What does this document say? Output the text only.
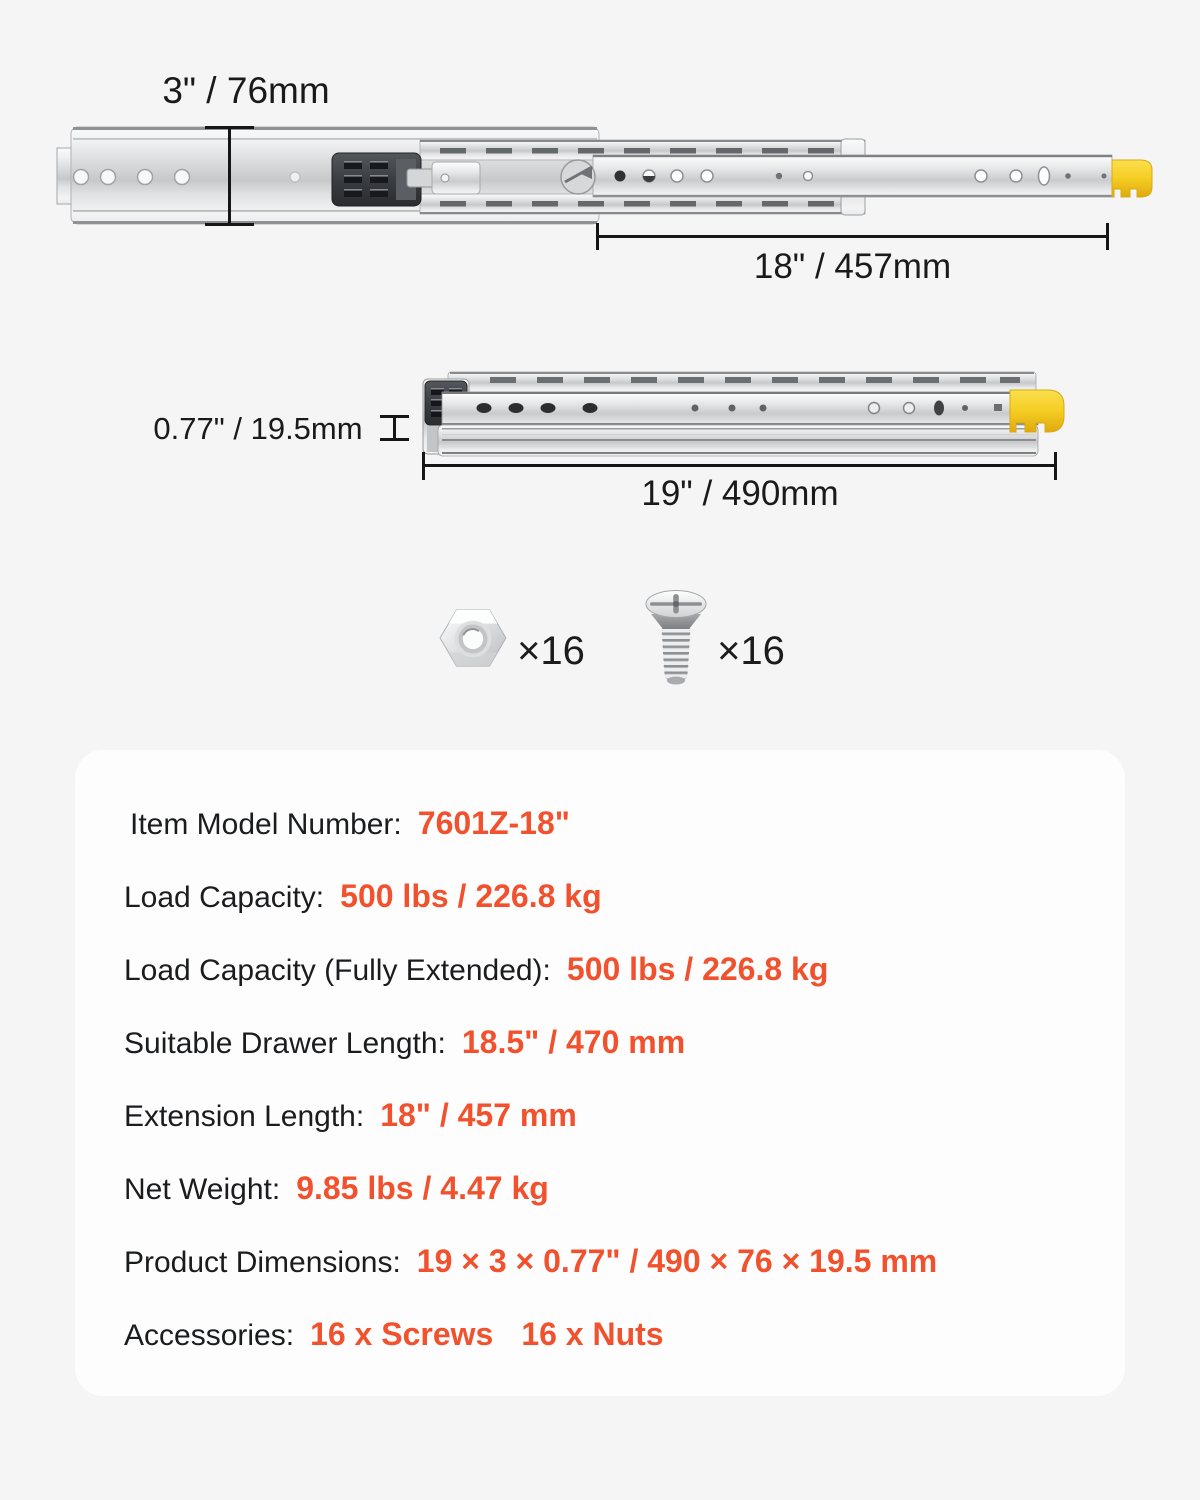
3" / 76mm
18" / 457mm
0.77" / 19.5mm
19" / 490mm
×16	×16
Item Model Number: 7601Z-18"
Load Capacity: 500 lbs / 226.8 kg
Load Capacity (Fully Extended): 500 lbs / 226.8 kg
Suitable Drawer Length: 18.5" / 470 mm
Extension Length: 18" / 457 mm
Net Weight: 9.85 lbs / 4.47 kg
Product Dimensions: 19 × 3 × 0.77" / 490 × 76 × 19.5 mm
Accessories: 16 x Screws 16 x Nuts
